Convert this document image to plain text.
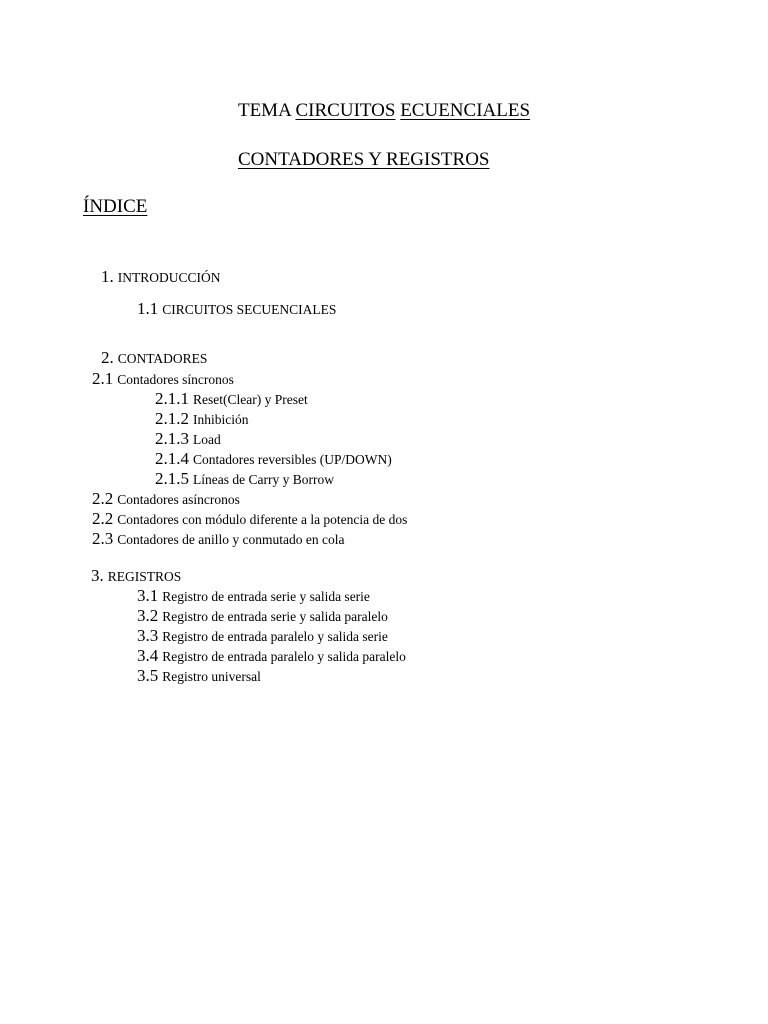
TEMA CIRCUITOS ECUENCIALES
CONTADORES Y REGISTROS
ÍNDICE
1. INTRODUCCIÓN
1.1 CIRCUITOS SECUENCIALES
2. CONTADORES
2.1 Contadores síncronos
2.1.1 Reset(Clear) y Preset
2.1.2 Inhibición
2.1.3 Load
2.1.4 Contadores reversibles (UP/DOWN)
2.1.5 Líneas de Carry y Borrow
2.2 Contadores asíncronos
2.2 Contadores con módulo diferente a la potencia de dos
2.3 Contadores de anillo y conmutado en cola
3. REGISTROS
3.1 Registro de entrada serie y salida serie
3.2 Registro de entrada serie y salida paralelo
3.3 Registro de entrada paralelo y salida serie
3.4 Registro de entrada paralelo y salida paralelo
3.5 Registro universal
